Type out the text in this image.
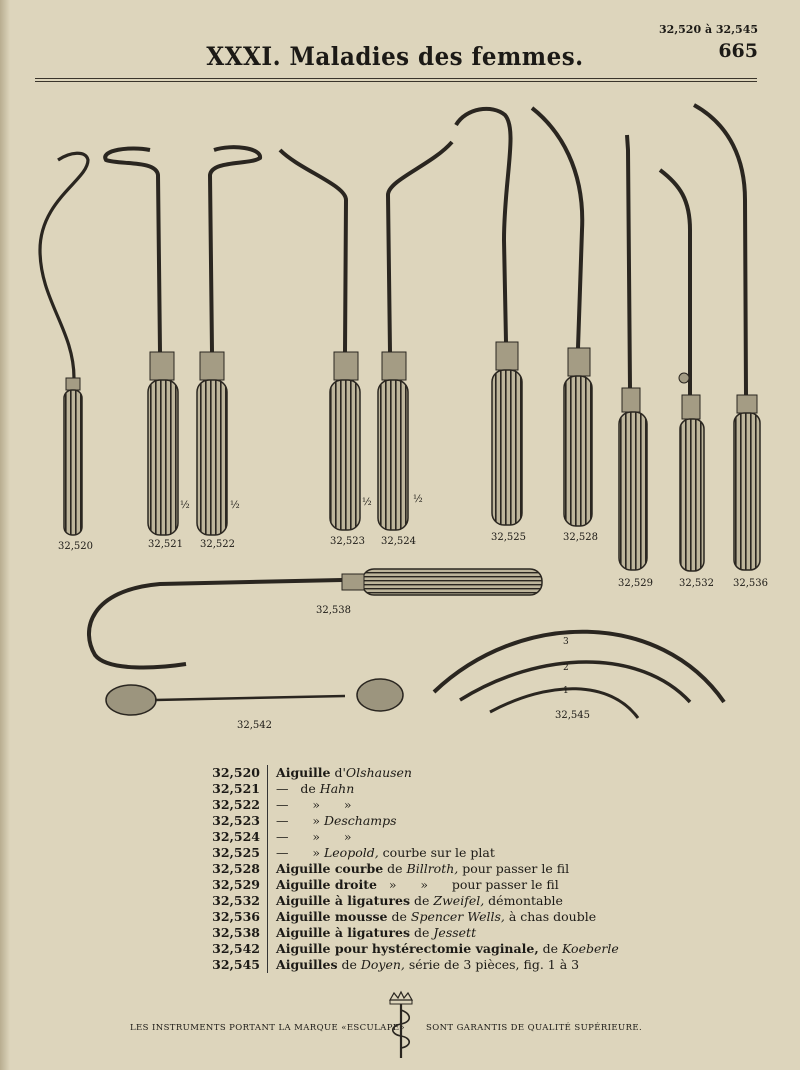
32,520 à 32,545
665
XXXI. Maladies des femmes.
32,520	32,521 32,522	32,523 32,524	32,525	32,528
32,529	32,532 32,536
32,538
32,542
32,545
½	½	½	½
3
2
1
32,520	Aiguille d'Olshausen
32,521	—   de Hahn
32,522	—      »      »
32,523	—      » Deschamps
32,524	—      »      »
32,525	—      » Leopold, courbe sur le plat
32,528	Aiguille courbe de Billroth, pour passer le fil
32,529	Aiguille droite   »      »      pour passer le fil
32,532	Aiguille à ligatures de Zweifel, démontable
32,536	Aiguille mousse de Spencer Wells, à chas double
32,538	Aiguille à ligatures de Jessett
32,542	Aiguille pour hystérectomie vaginale, de Koeberle
32,545	Aiguilles de Doyen, série de 3 pièces, fig. 1 à 3
LES INSTRUMENTS PORTANT LA MARQUE «ESCULAPE» SONT GARANTIS DE QUALITÉ SUPÉRIEURE.
